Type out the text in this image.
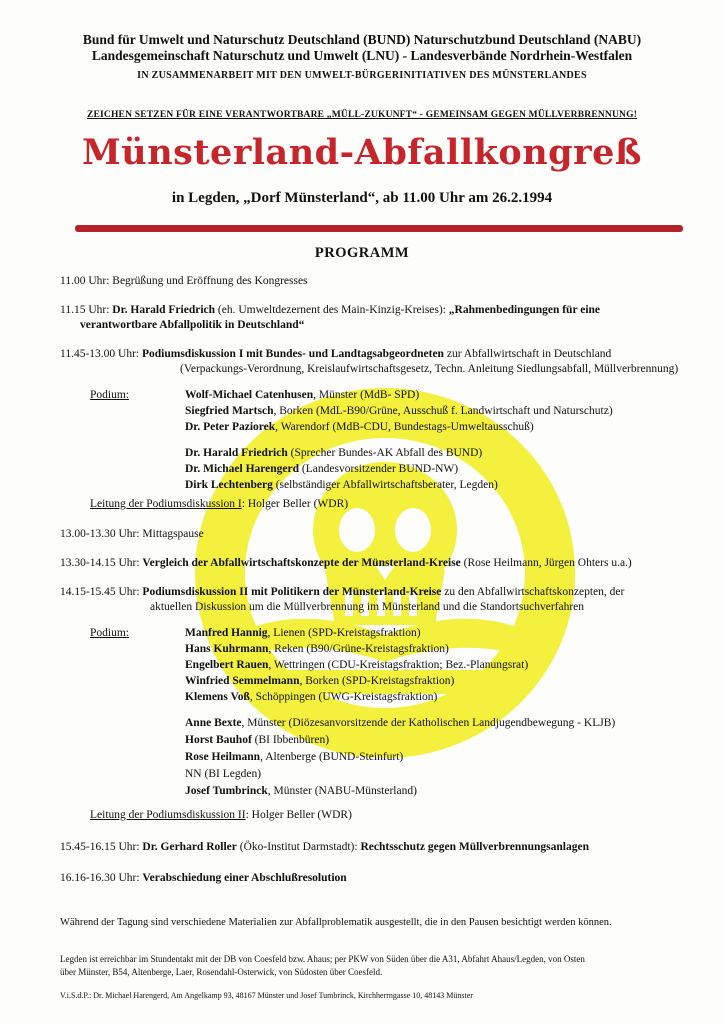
Bund für Umwelt und Naturschutz Deutschland (BUND) Naturschutzbund Deutschland (NABU)
Landesgemeinschaft Naturschutz und Umwelt (LNU) - Landesverbände Nordrhein-Westfalen
IN ZUSAMMENARBEIT MIT DEN UMWELT-BÜRGERINITIATIVEN DES MÜNSTERLANDES
ZEICHEN SETZEN FÜR EINE VERANTWORTBARE „MÜLL-ZUKUNFT“ - GEMEINSAM GEGEN MÜLLVERBRENNUNG!
Münsterland-Abfallkongreß
in Legden, „Dorf Münsterland“, ab 11.00 Uhr am 26.2.1994
PROGRAMM
11.00 Uhr: Begrüßung und Eröffnung des Kongresses
11.15 Uhr: Dr. Harald Friedrich (eh. Umweltdezernent des Main-Kinzig-Kreises): „Rahmenbedingungen für eine
verantwortbare Abfallpolitik in Deutschland“
11.45-13.00 Uhr: Podiumsdiskussion I mit Bundes- und Landtagsabgeordneten zur Abfallwirtschaft in Deutschland
(Verpackungs-Verordnung, Kreislaufwirtschaftsgesetz, Techn. Anleitung Siedlungsabfall, Müllverbrennung)
Podium:	Wolf-Michael Catenhusen, Münster (MdB- SPD)
Siegfried Martsch, Borken (MdL-B90/Grüne, Ausschuß f. Landwirtschaft und Naturschutz)
Dr. Peter Paziorek, Warendorf (MdB-CDU, Bundestags-Umweltausschuß)
Dr. Harald Friedrich (Sprecher Bundes-AK Abfall des BUND)
Dr. Michael Harengerd (Landesvorsitzender BUND-NW)
Dirk Lechtenberg (selbständiger Abfallwirtschaftsberater, Legden)
Leitung der Podiumsdiskussion I: Holger Beller (WDR)
13.00-13.30 Uhr: Mittagspause
13.30-14.15 Uhr: Vergleich der Abfallwirtschaftskonzepte der Münsterland-Kreise (Rose Heilmann, Jürgen Ohters u.a.)
14.15-15.45 Uhr: Podiumsdiskussion II mit Politikern der Münsterland-Kreise zu den Abfallwirtschaftskonzepten, der
aktuellen Diskussion um die Müllverbrennung im Münsterland und die Standortsuchverfahren
Podium:	Manfred Hannig, Lienen (SPD-Kreistagsfraktion)
Hans Kuhrmann, Reken (B90/Grüne-Kreistagsfraktion)
Engelbert Rauen, Wettringen (CDU-Kreistagsfraktion; Bez.-Planungsrat)
Winfried Semmelmann, Borken (SPD-Kreistagsfraktion)
Klemens Voß, Schöppingen (UWG-Kreistagsfraktion)
Anne Bexte, Münster (Diözesanvorsitzende der Katholischen Landjugendbewegung - KLJB)
Horst Bauhof (BI Ibbenbüren)
Rose Heilmann, Altenberge (BUND-Steinfurt)
NN (BI Legden)
Josef Tumbrinck, Münster (NABU-Münsterland)
Leitung der Podiumsdiskussion II: Holger Beller (WDR)
15.45-16.15 Uhr: Dr. Gerhard Roller (Öko-Institut Darmstadt): Rechtsschutz gegen Müllverbrennungsanlagen
16.16-16.30 Uhr: Verabschiedung einer Abschlußresolution
Während der Tagung sind verschiedene Materialien zur Abfallproblematik ausgestellt, die in den Pausen besichtigt werden können.
Legden ist erreichbar im Stundentakt mit der DB von Coesfeld bzw. Ahaus; per PKW von Süden über die A31, Abfahrt Ahaus/Legden, von Osten
über Münster, B54, Altenberge, Laer, Rosendahl-Osterwick, von Südosten über Coesfeld.
V.i.S.d.P.: Dr. Michael Harengerd, Am Angelkamp 93, 48167 Münster und Josef Tumbrinck, Kirchherrngasse 10, 48143 Münster
